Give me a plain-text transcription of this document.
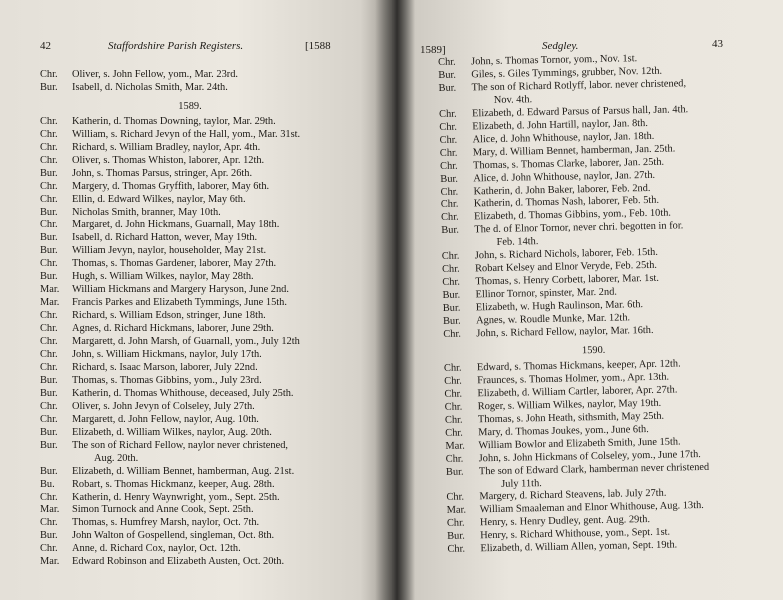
42	Staffordshire Parish Registers.	[1588
Chr.	Oliver, s. John Fellow, yom., Mar. 23rd.
Bur.	Isabell, d. Nicholas Smith, Mar. 24th.
1589.
Chr.	Katherin, d. Thomas Downing, taylor, Mar. 29th.
Chr.	William, s. Richard Jevyn of the Hall, yom., Mar. 31st.
Chr.	Richard, s. William Bradley, naylor, Apr. 4th.
Chr.	Oliver, s. Thomas Whiston, laborer, Apr. 12th.
Bur.	John, s. Thomas Parsus, stringer, Apr. 26th.
Chr.	Margery, d. Thomas Gryffith, laborer, May 6th.
Chr.	Ellin, d. Edward Wilkes, naylor, May 6th.
Bur.	Nicholas Smith, branner, May 10th.
Chr.	Margaret, d. John Hickmans, Guarnall, May 18th.
Bur.	Isabell, d. Richard Hatton, wever, May 19th.
Bur.	William Jevyn, naylor, householder, May 21st.
Chr.	Thomas, s. Thomas Gardener, laborer, May 27th.
Bur.	Hugh, s. William Wilkes, naylor, May 28th.
Mar.	William Hickmans and Margery Haryson, June 2nd.
Mar.	Francis Parkes and Elizabeth Tymmings, June 15th.
Chr.	Richard, s. William Edson, stringer, June 18th.
Chr.	Agnes, d. Richard Hickmans, laborer, June 29th.
Chr.	Margarett, d. John Marsh, of Guarnall, yom., July 12th
Chr.	John, s. William Hickmans, naylor, July 17th.
Chr.	Richard, s. Isaac Marson, laborer, July 22nd.
Bur.	Thomas, s. Thomas Gibbins, yom., July 23rd.
Bur.	Katherin, d. Thomas Whithouse, deceased, July 25th.
Chr.	Oliver, s. John Jevyn of Colseley, July 27th.
Chr.	Margarett, d. John Fellow, naylor, Aug. 10th.
Bur.	Elizabeth, d. William Wilkes, naylor, Aug. 20th.
Bur.	The son of Richard Fellow, naylor never christened,
Aug. 20th.
Bur.	Elizabeth, d. William Bennet, hamberman, Aug. 21st.
Bu.	Robart, s. Thomas Hickmanz, keeper, Aug. 28th.
Chr.	Katherin, d. Henry Waynwright, yom., Sept. 25th.
Mar.	Simon Turnock and Anne Cook, Sept. 25th.
Chr.	Thomas, s. Humfrey Marsh, naylor, Oct. 7th.
Bur.	John Walton of Gospellend, singleman, Oct. 8th.
Chr.	Anne, d. Richard Cox, naylor, Oct. 12th.
Mar.	Edward Robinson and Elizabeth Austen, Oct. 20th.
1589]	Sedgley.	43
Chr.	John, s. Thomas Tornor, yom., Nov. 1st.
Bur.	Giles, s. Giles Tymmings, grubber, Nov. 12th.
Bur.	The son of Richard Rotlyff, labor. never christened,
Nov. 4th.
Chr.	Elizabeth, d. Edward Parsus of Parsus hall, Jan. 4th.
Chr.	Elizabeth, d. John Hartill, naylor, Jan. 8th.
Chr.	Alice, d. John Whithouse, naylor, Jan. 18th.
Chr.	Mary, d. William Bennet, hamberman, Jan. 25th.
Chr.	Thomas, s. Thomas Clarke, laborer, Jan. 25th.
Bur.	Alice, d. John Whithouse, naylor, Jan. 27th.
Chr.	Katherin, d. John Baker, laborer, Feb. 2nd.
Chr.	Katherin, d. Thomas Nash, laborer, Feb. 5th.
Chr.	Elizabeth, d. Thomas Gibbins, yom., Feb. 10th.
Bur.	The d. of Elnor Tornor, never chri. begotten in for.
Feb. 14th.
Chr.	John, s. Richard Nichols, laborer, Feb. 15th.
Chr.	Robart Kelsey and Elnor Veryde, Feb. 25th.
Chr.	Thomas, s. Henry Corbett, laborer, Mar. 1st.
Bur.	Ellinor Tornor, spinster, Mar. 2nd.
Bur.	Elizabeth, w. Hugh Raulinson, Mar. 6th.
Bur.	Agnes, w. Roudle Munke, Mar. 12th.
Chr.	John, s. Richard Fellow, naylor, Mar. 16th.
1590.
Chr.	Edward, s. Thomas Hickmans, keeper, Apr. 12th.
Chr.	Fraunces, s. Thomas Holmer, yom., Apr. 13th.
Chr.	Elizabeth, d. William Cartler, laborer, Apr. 27th.
Chr.	Roger, s. William Wilkes, naylor, May 19th.
Chr.	Thomas, s. John Heath, sithsmith, May 25th.
Chr.	Mary, d. Thomas Joukes, yom., June 6th.
Mar.	William Bowlor and Elizabeth Smith, June 15th.
Chr.	John, s. John Hickmans of Colseley, yom., June 17th.
Bur.	The son of Edward Clark, hamberman never christened
July 11th.
Chr.	Margery, d. Richard Steavens, lab. July 27th.
Mar.	William Smaaleman and Elnor Whithouse, Aug. 13th.
Chr.	Henry, s. Henry Dudley, gent. Aug. 29th.
Bur.	Henry, s. Richard Whithouse, yom., Sept. 1st.
Chr.	Elizabeth, d. William Allen, yoman, Sept. 19th.
